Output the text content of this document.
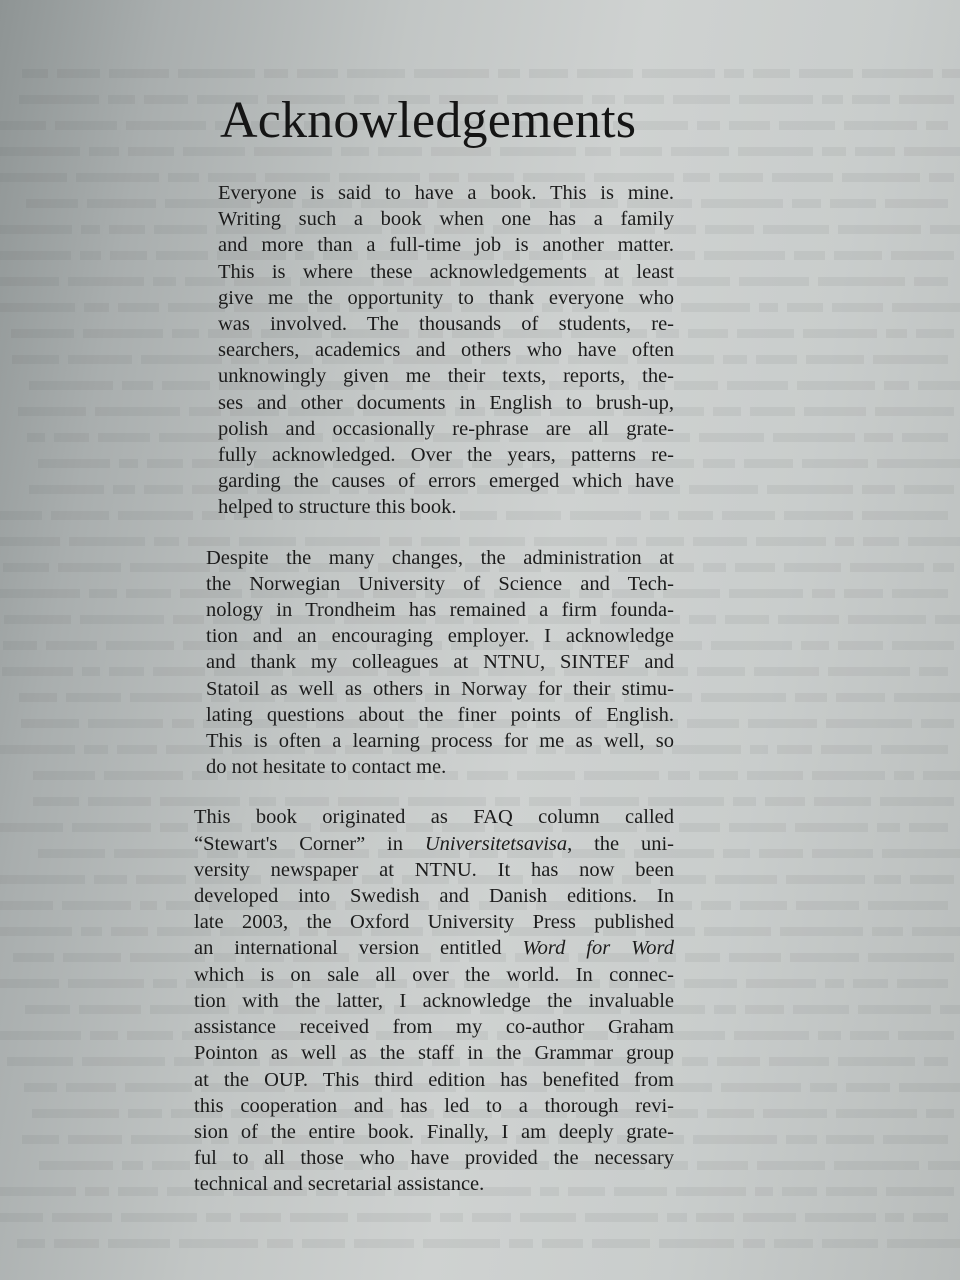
Acknowledgements
Everyone is said to have a book. This is mine.
Writing such a book when one has a family
and more than a full-time job is another matter.
This is where these acknowledgements at least
give me the opportunity to thank everyone who
was involved. The thousands of students, re-
searchers, academics and others who have often
unknowingly given me their texts, reports, the-
ses and other documents in English to brush-up,
polish and occasionally re-phrase are all grate-
fully acknowledged. Over the years, patterns re-
garding the causes of errors emerged which have
helped to structure this book.
Despite the many changes, the administration at
the Norwegian University of Science and Tech-
nology in Trondheim has remained a firm founda-
tion and an encouraging employer. I acknowledge
and thank my colleagues at NTNU, SINTEF and
Statoil as well as others in Norway for their stimu-
lating questions about the finer points of English.
This is often a learning process for me as well, so
do not hesitate to contact me.
This book originated as FAQ column called
“Stewart's Corner” in Universitetsavisa, the uni-
versity newspaper at NTNU. It has now been
developed into Swedish and Danish editions. In
late 2003, the Oxford University Press published
an international version entitled Word for Word
which is on sale all over the world. In connec-
tion with the latter, I acknowledge the invaluable
assistance received from my co-author Graham
Pointon as well as the staff in the Grammar group
at the OUP. This third edition has benefited from
this cooperation and has led to a thorough revi-
sion of the entire book. Finally, I am deeply grate-
ful to all those who have provided the necessary
technical and secretarial assistance.
